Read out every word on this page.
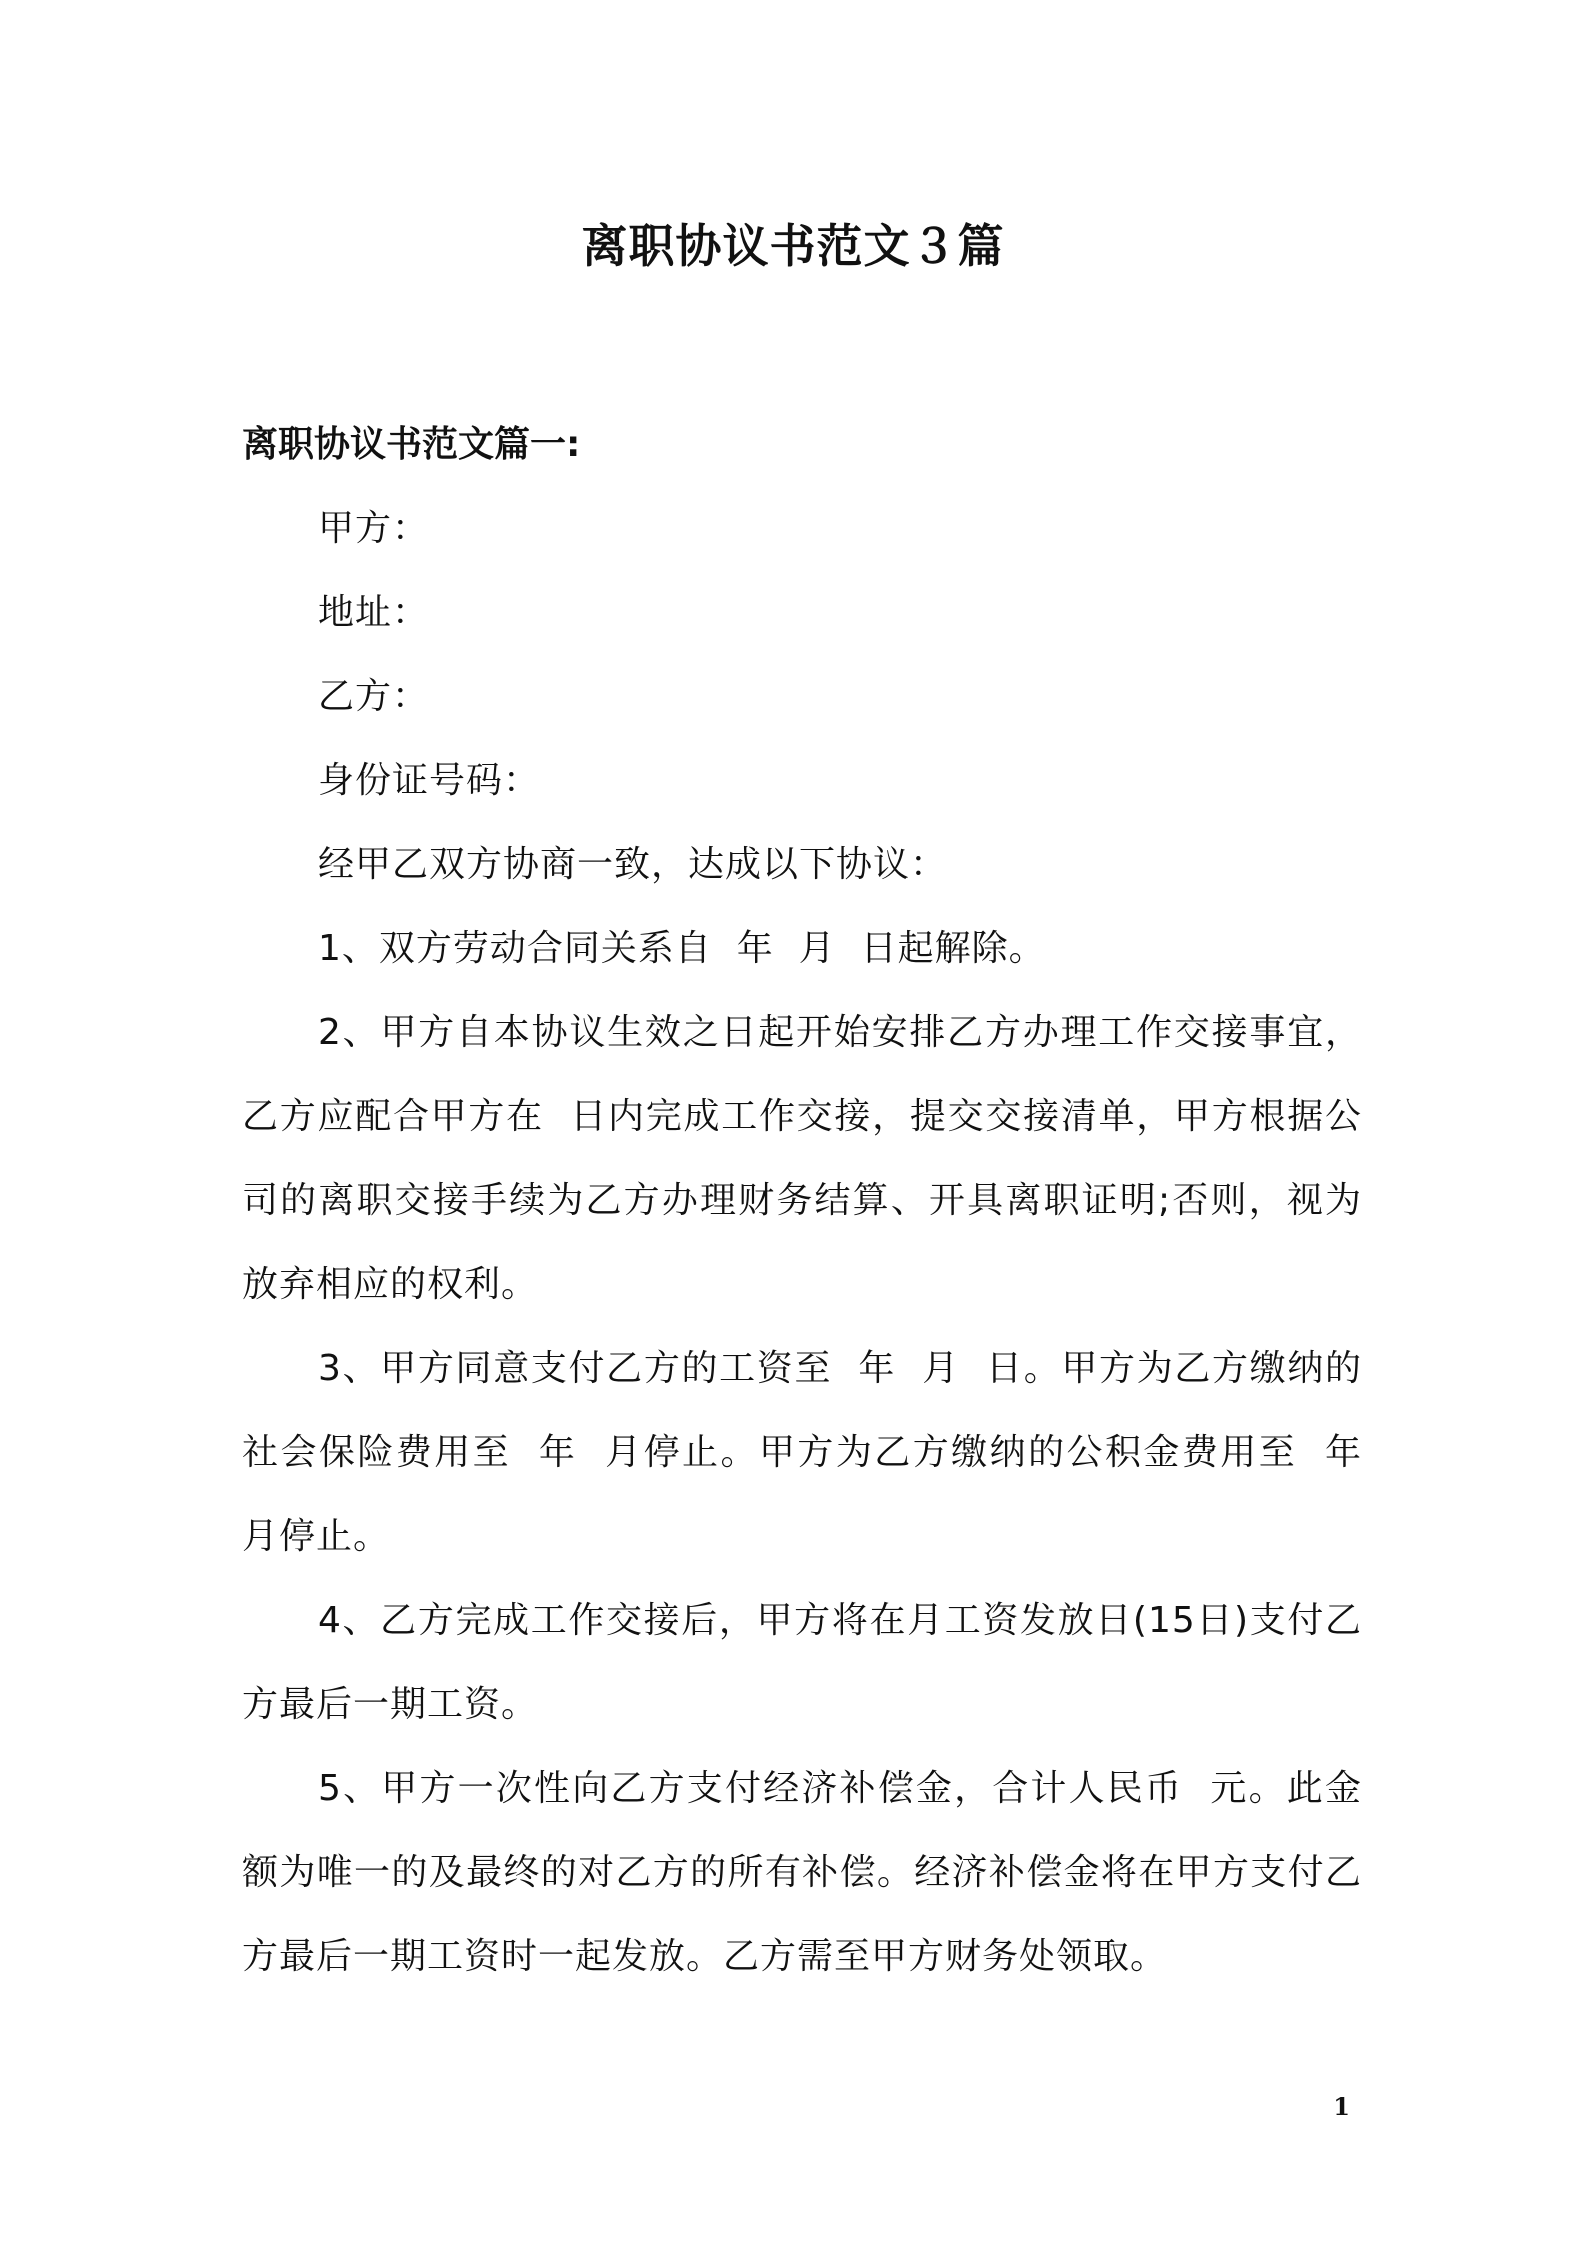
离职协议书范文３篇

离职协议书范文篇一:

甲方：

地址：

乙方：

身份证号码：

经甲乙双方协商一致，达成以下协议：

1、双方劳动合同关系自  年  月  日起解除。

2、甲方自本协议生效之日起开始安排乙方办理工作交接事宜，乙方应配合甲方在  日内完成工作交接，提交交接清单，甲方根据公司的离职交接手续为乙方办理财务结算、开具离职证明;否则，视为放弃相应的权利。

3、甲方同意支付乙方的工资至  年  月  日。甲方为乙方缴纳的社会保险费用至  年  月停止。甲方为乙方缴纳的公积金费用至  年  月停止。

4、乙方完成工作交接后，甲方将在月工资发放日(15日)支付乙方最后一期工资。

5、甲方一次性向乙方支付经济补偿金，合计人民币  元。此金额为唯一的及最终的对乙方的所有补偿。经济补偿金将在甲方支付乙方最后一期工资时一起发放。乙方需至甲方财务处领取。

1
